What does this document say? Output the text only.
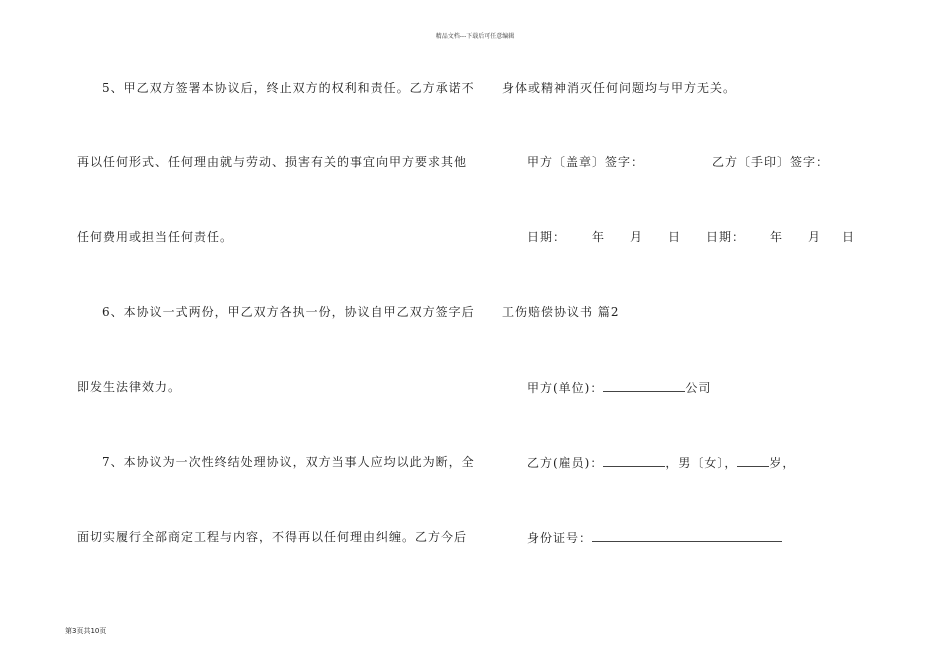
精品文档---下载后可任意编辑
5、甲乙双方签署本协议后，终止双方的权利和责任。乙方承诺不
再以任何形式、任何理由就与劳动、损害有关的事宜向甲方要求其他
任何费用或担当任何责任。
6、本协议一式两份，甲乙双方各执一份，协议自甲乙双方签字后
即发生法律效力。
7、本协议为一次性终结处理协议，双方当事人应均以此为断，全
面切实履行全部商定工程与内容，不得再以任何理由纠缠。乙方今后
身体或精神消灭任何问题均与甲方无关。
甲方〔盖章〕签字：	乙方〔手印〕签字：
日期： 年 月 日 日期： 年 月 日
工伤赔偿协议书 篇2
甲方(单位)：	公司
乙方(雇员)：	，男〔女〕，	岁，
身份证号：
第3页共10页
